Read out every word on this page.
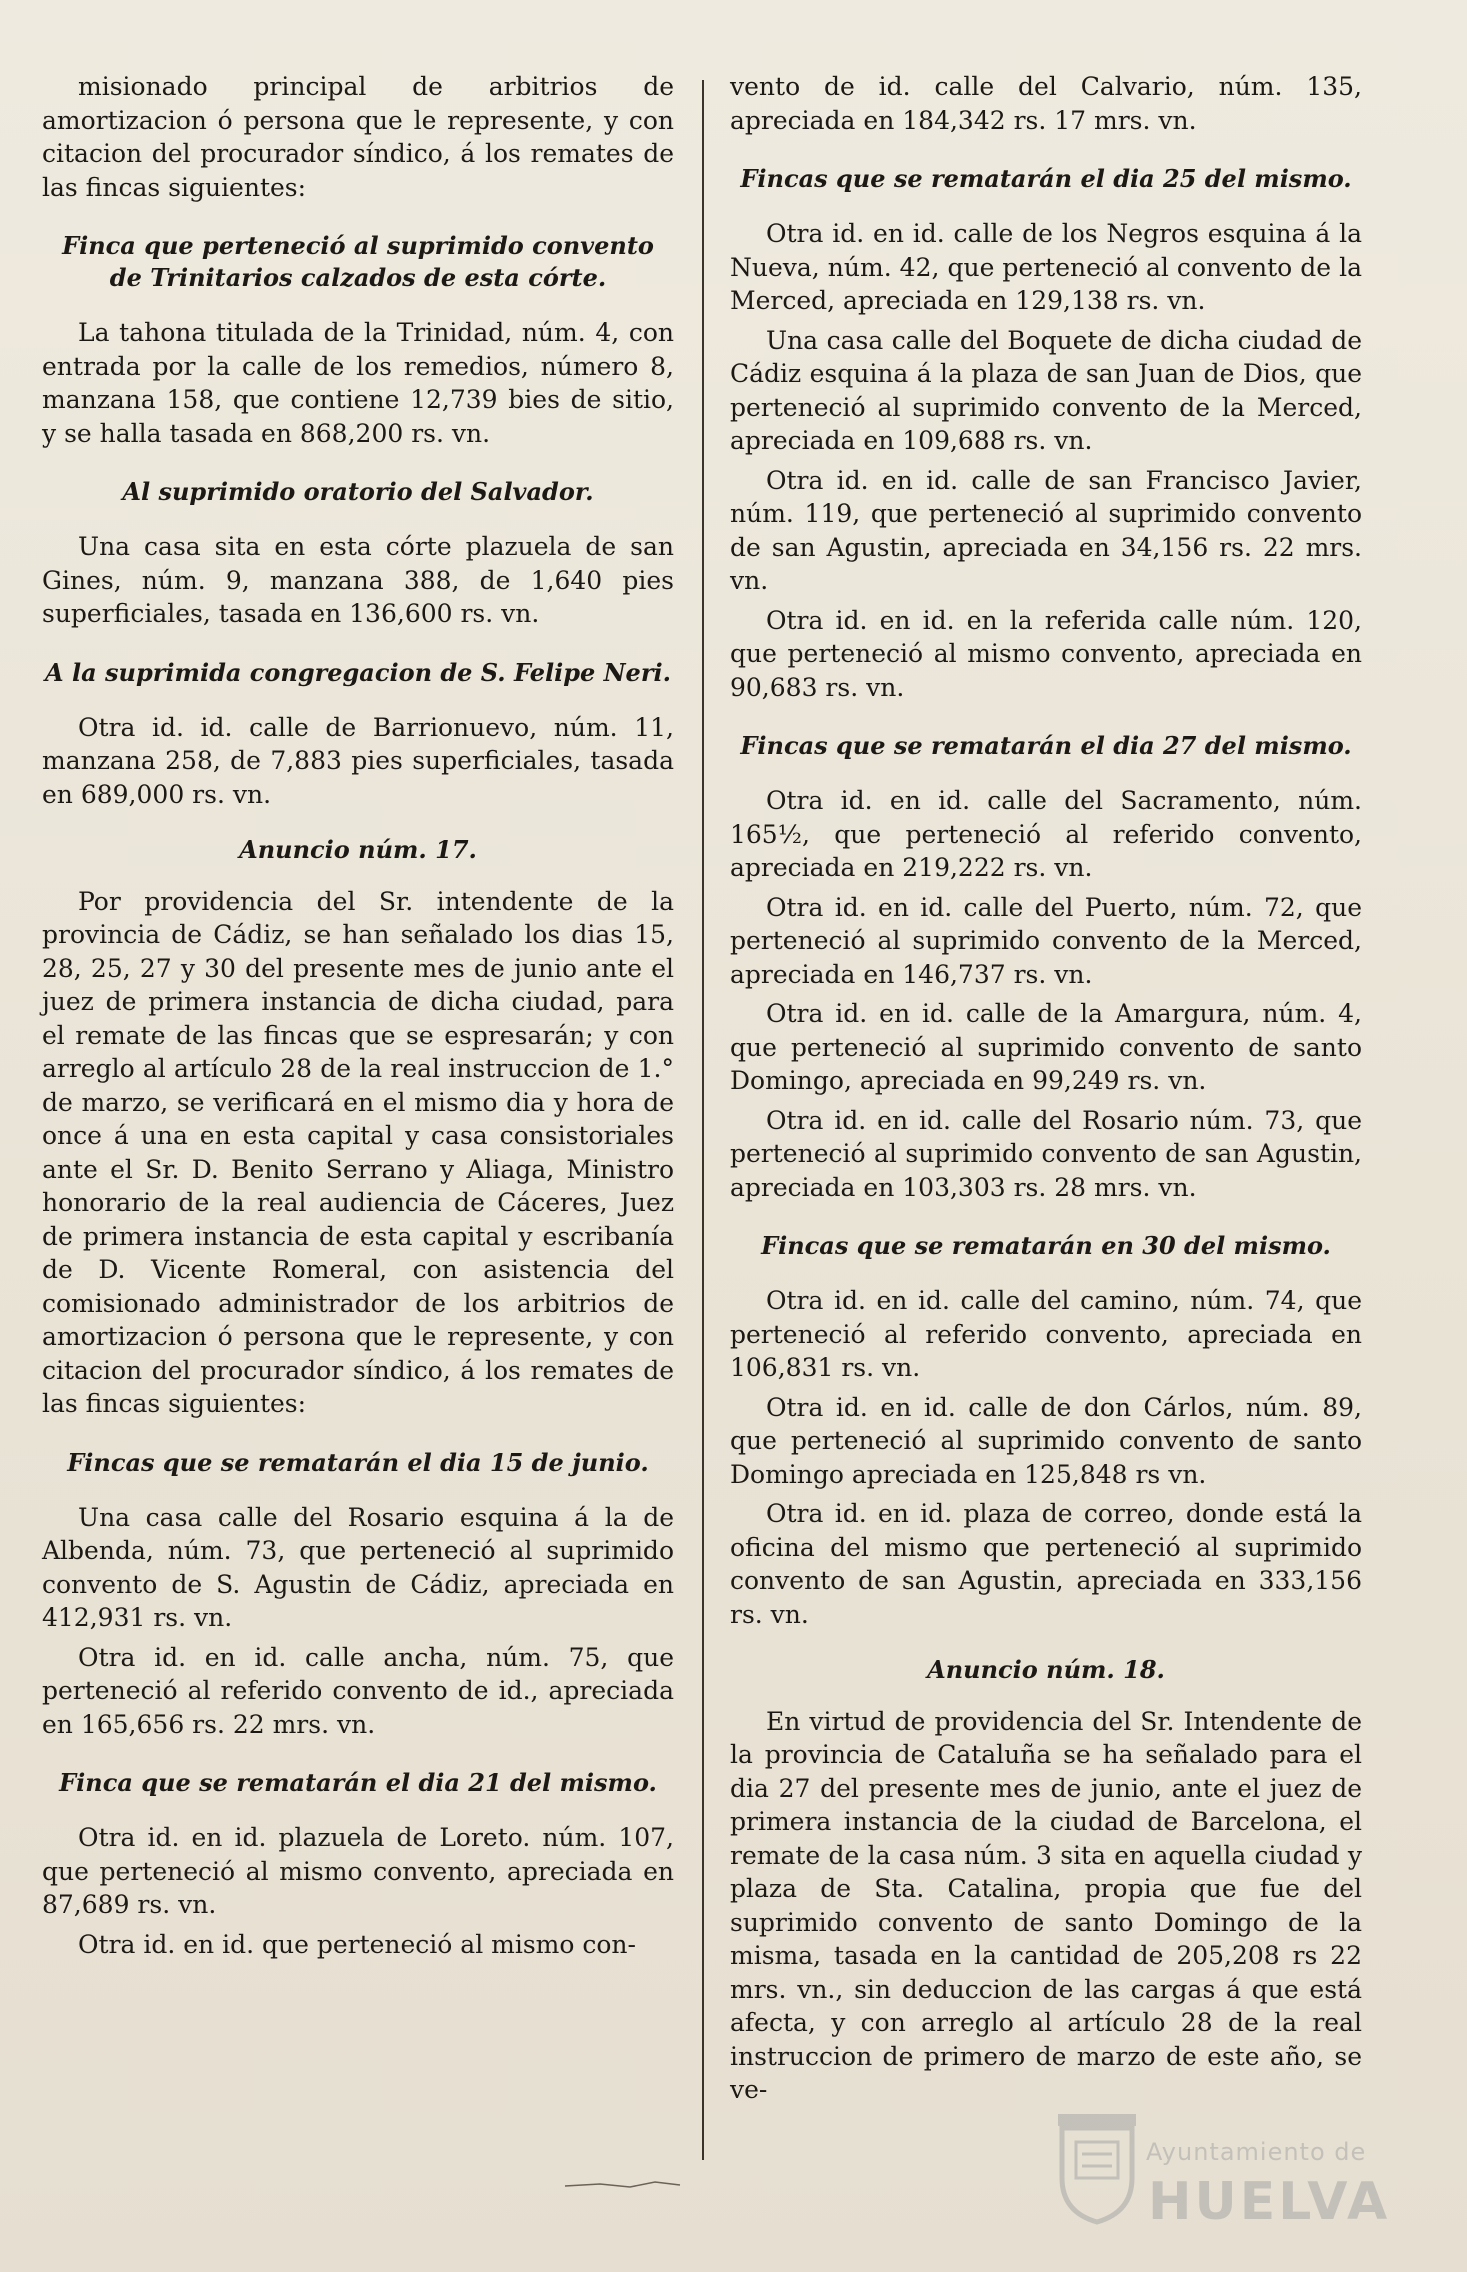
misionado principal de arbitrios de amortizacion ó persona que le represente, y con citacion del procurador síndico, á los remates de las fincas siguientes:

Finca que perteneció al suprimido convento de Trinitarios calzados de esta córte.

La tahona titulada de la Trinidad, núm. 4, con entrada por la calle de los remedios, número 8, manzana 158, que contiene 12,739 bies de sitio, y se halla tasada en 868,200 rs. vn.

Al suprimido oratorio del Salvador.

Una casa sita en esta córte plazuela de san Gines, núm. 9, manzana 388, de 1,640 pies superficiales, tasada en 136,600 rs. vn.

A la suprimida congregacion de S. Felipe Neri.

Otra id. id. calle de Barrionuevo, núm. 11, manzana 258, de 7,883 pies superficiales, tasada en 689,000 rs. vn.

Anuncio núm. 17.

Por providencia del Sr. intendente de la provincia de Cádiz, se han señalado los dias 15, 28, 25, 27 y 30 del presente mes de junio ante el juez de primera instancia de dicha ciudad, para el remate de las fincas que se espresarán; y con arreglo al artículo 28 de la real instruccion de 1.° de marzo, se verificará en el mismo dia y hora de once á una en esta capital y casa consistoriales ante el Sr. D. Benito Serrano y Aliaga, Ministro honorario de la real audiencia de Cáceres, Juez de primera instancia de esta capital y escribanía de D. Vicente Romeral, con asistencia del comisionado administrador de los arbitrios de amortizacion ó persona que le represente, y con citacion del procurador síndico, á los remates de las fincas siguientes:

Fincas que se rematarán el dia 15 de junio.

Una casa calle del Rosario esquina á la de Albenda, núm. 73, que perteneció al suprimido convento de S. Agustin de Cádiz, apreciada en 412,931 rs. vn.

Otra id. en id. calle ancha, núm. 75, que perteneció al referido convento de id., apreciada en 165,656 rs. 22 mrs. vn.

Finca que se rematarán el dia 21 del mismo.

Otra id. en id. plazuela de Loreto. núm. 107, que perteneció al mismo convento, apreciada en 87,689 rs. vn.

Otra id. en id. que perteneció al mismo con-

vento de id. calle del Calvario, núm. 135, apreciada en 184,342 rs. 17 mrs. vn.

Fincas que se rematarán el dia 25 del mismo.

Otra id. en id. calle de los Negros esquina á la Nueva, núm. 42, que perteneció al convento de la Merced, apreciada en 129,138 rs. vn.

Una casa calle del Boquete de dicha ciudad de Cádiz esquina á la plaza de san Juan de Dios, que perteneció al suprimido convento de la Merced, apreciada en 109,688 rs. vn.

Otra id. en id. calle de san Francisco Javier, núm. 119, que perteneció al suprimido convento de san Agustin, apreciada en 34,156 rs. 22 mrs. vn.

Otra id. en id. en la referida calle núm. 120, que perteneció al mismo convento, apreciada en 90,683 rs. vn.

Fincas que se rematarán el dia 27 del mismo.

Otra id. en id. calle del Sacramento, núm. 165½, que perteneció al referido convento, apreciada en 219,222 rs. vn.

Otra id. en id. calle del Puerto, núm. 72, que perteneció al suprimido convento de la Merced, apreciada en 146,737 rs. vn.

Otra id. en id. calle de la Amargura, núm. 4, que perteneció al suprimido convento de santo Domingo, apreciada en 99,249 rs. vn.

Otra id. en id. calle del Rosario núm. 73, que perteneció al suprimido convento de san Agustin, apreciada en 103,303 rs. 28 mrs. vn.

Fincas que se rematarán en 30 del mismo.

Otra id. en id. calle del camino, núm. 74, que perteneció al referido convento, apreciada en 106,831 rs. vn.

Otra id. en id. calle de don Cárlos, núm. 89, que perteneció al suprimido convento de santo Domingo apreciada en 125,848 rs vn.

Otra id. en id. plaza de correo, donde está la oficina del mismo que perteneció al suprimido convento de san Agustin, apreciada en 333,156 rs. vn.

Anuncio núm. 18.

En virtud de providencia del Sr. Intendente de la provincia de Cataluña se ha señalado para el dia 27 del presente mes de junio, ante el juez de primera instancia de la ciudad de Barcelona, el remate de la casa núm. 3 sita en aquella ciudad y plaza de Sta. Catalina, propia que fue del suprimido convento de santo Domingo de la misma, tasada en la cantidad de 205,208 rs 22 mrs. vn., sin deduccion de las cargas á que está afecta, y con arreglo al artículo 28 de la real instruccion de primero de marzo de este año, se ve-

Ayuntamiento de
HUELVA
